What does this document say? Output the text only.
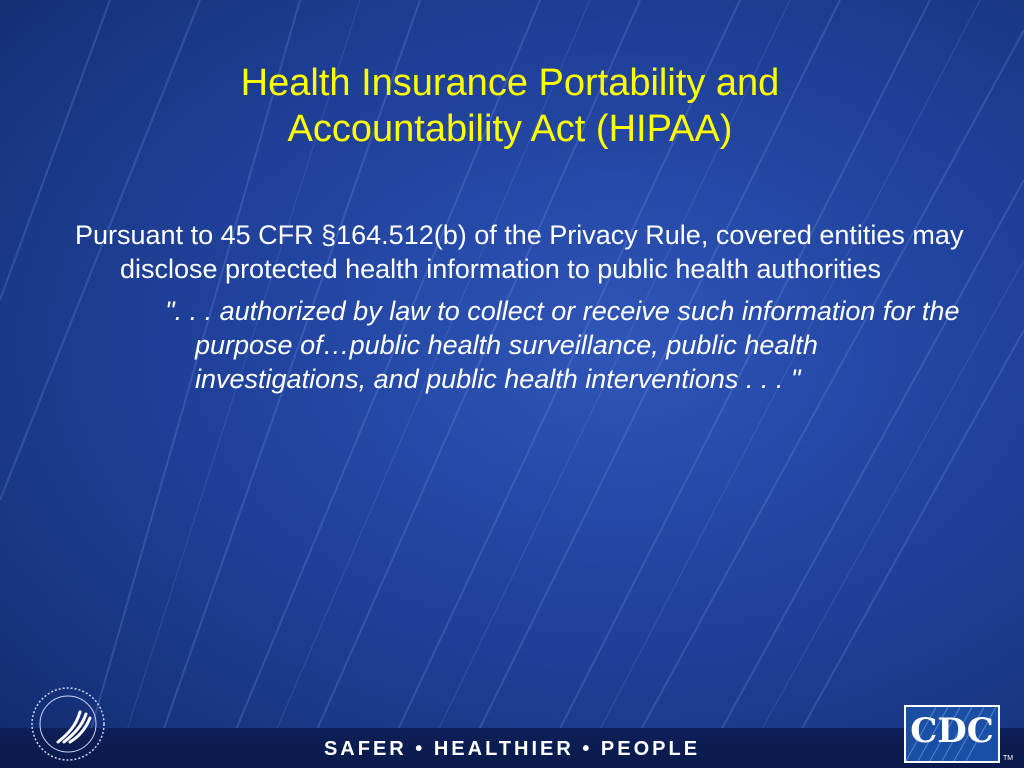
Health Insurance Portability and Accountability Act (HIPAA)

Pursuant to 45 CFR §164.512(b) of the Privacy Rule, covered entities may disclose protected health information to public health authorities

". . . authorized by law to collect or receive such information for the purpose of…public health surveillance, public health investigations, and public health interventions . . . "

SAFER • HEALTHIER • PEOPLE	CDC
TM
